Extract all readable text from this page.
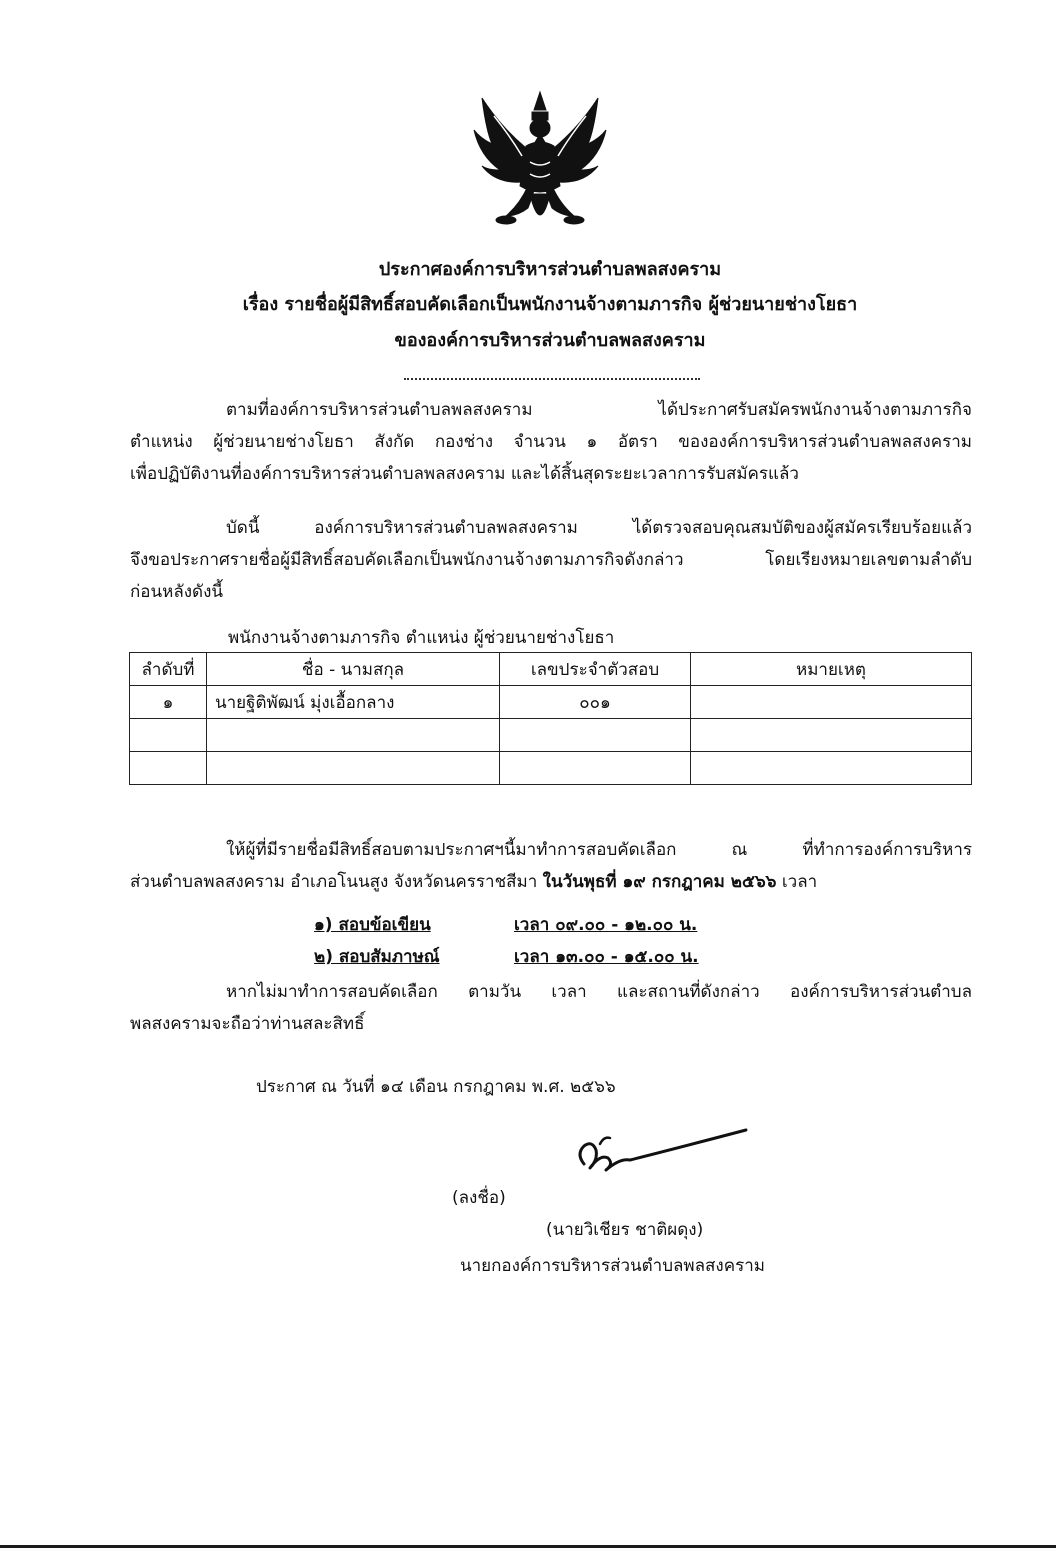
ประกาศองค์การบริหารส่วนตำบลพลสงคราม
เรื่อง รายชื่อผู้มีสิทธิ์สอบคัดเลือกเป็นพนักงานจ้างตามภารกิจ ผู้ช่วยนายช่างโยธา
ขององค์การบริหารส่วนตำบลพลสงคราม
ตามที่องค์การบริหารส่วนตำบลพลสงคราม ได้ประกาศรับสมัครพนักงานจ้างตามภารกิจ
ตำแหน่ง ผู้ช่วยนายช่างโยธา สังกัด กองช่าง จำนวน ๑ อัตรา ขององค์การบริหารส่วนตำบลพลสงคราม
เพื่อปฏิบัติงานที่องค์การบริหารส่วนตำบลพลสงคราม และได้สิ้นสุดระยะเวลาการรับสมัครแล้ว
บัดนี้ องค์การบริหารส่วนตำบลพลสงคราม ได้ตรวจสอบคุณสมบัติของผู้สมัครเรียบร้อยแล้ว
จึงขอประกาศรายชื่อผู้มีสิทธิ์สอบคัดเลือกเป็นพนักงานจ้างตามภารกิจดังกล่าว โดยเรียงหมายเลขตามลำดับ
ก่อนหลังดังนี้
พนักงานจ้างตามภารกิจ ตำแหน่ง ผู้ช่วยนายช่างโยธา
ลำดับที่	ชื่อ - นามสกุล	เลขประจำตัวสอบ	หมายเหตุ
๑	นายฐิติพัฒน์ มุ่งเอื้อกลาง	๐๐๑	

ให้ผู้ที่มีรายชื่อมีสิทธิ์สอบตามประกาศฯนี้มาทำการสอบคัดเลือก ณ ที่ทำการองค์การบริหาร
ส่วนตำบลพลสงคราม อำเภอโนนสูง จังหวัดนครราชสีมา ในวันพุธที่ ๑๙ กรกฎาคม ๒๕๖๖ เวลา
๑) สอบข้อเขียน	เวลา ๐๙.๐๐ - ๑๒.๐๐ น.
๒) สอบสัมภาษณ์	เวลา ๑๓.๐๐ - ๑๕.๐๐ น.
หากไม่มาทำการสอบคัดเลือก ตามวัน เวลา และสถานที่ดังกล่าว องค์การบริหารส่วนตำบล
พลสงครามจะถือว่าท่านสละสิทธิ์
ประกาศ ณ วันที่ ๑๔ เดือน กรกฎาคม พ.ศ. ๒๕๖๖
(ลงชื่อ)
(นายวิเชียร ชาติผดุง)
นายกองค์การบริหารส่วนตำบลพลสงคราม
